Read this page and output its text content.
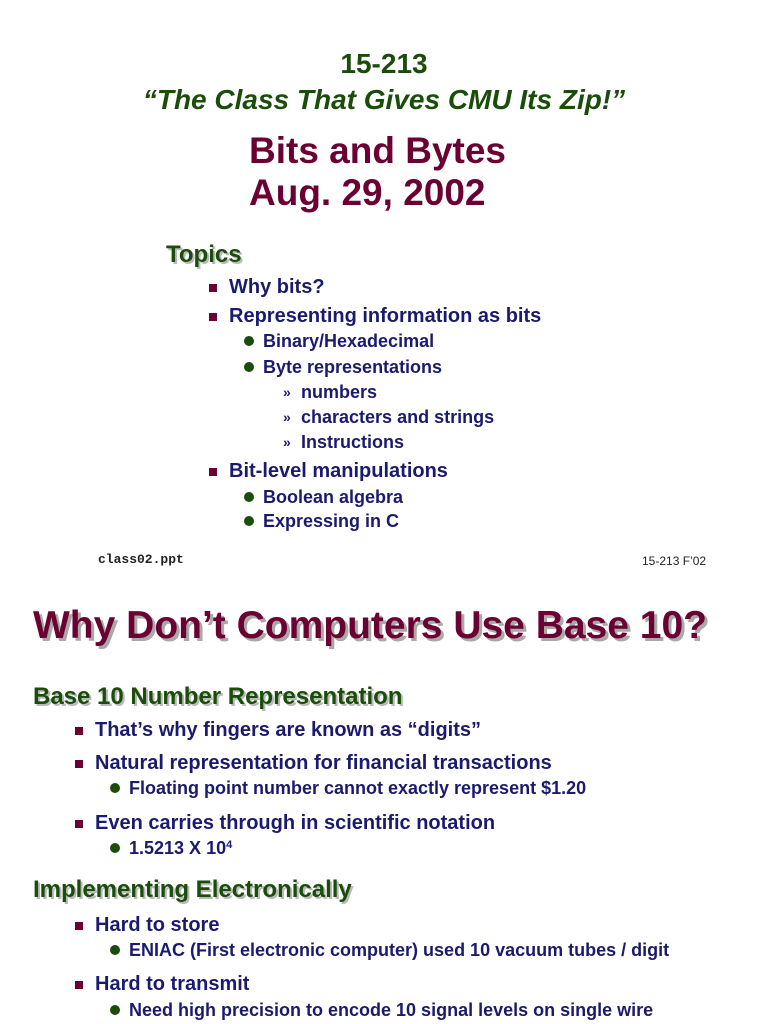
15-213
“The Class That Gives CMU Its Zip!”
Bits and Bytes
Aug. 29, 2002
Topics
Why bits?
Representing information as bits
Binary/Hexadecimal
Byte representations
» numbers
» characters and strings
» Instructions
Bit-level manipulations
Boolean algebra
Expressing in C
class02.ppt	15-213 F’02
Why Don’t Computers Use Base 10?
Base 10 Number Representation
That’s why fingers are known as “digits”
Natural representation for financial transactions
Floating point number cannot exactly represent $1.20
Even carries through in scientific notation
1.5213 X $10^4$
Implementing Electronically
Hard to store
ENIAC (First electronic computer) used 10 vacuum tubes / digit
Hard to transmit
Need high precision to encode 10 signal levels on single wire
